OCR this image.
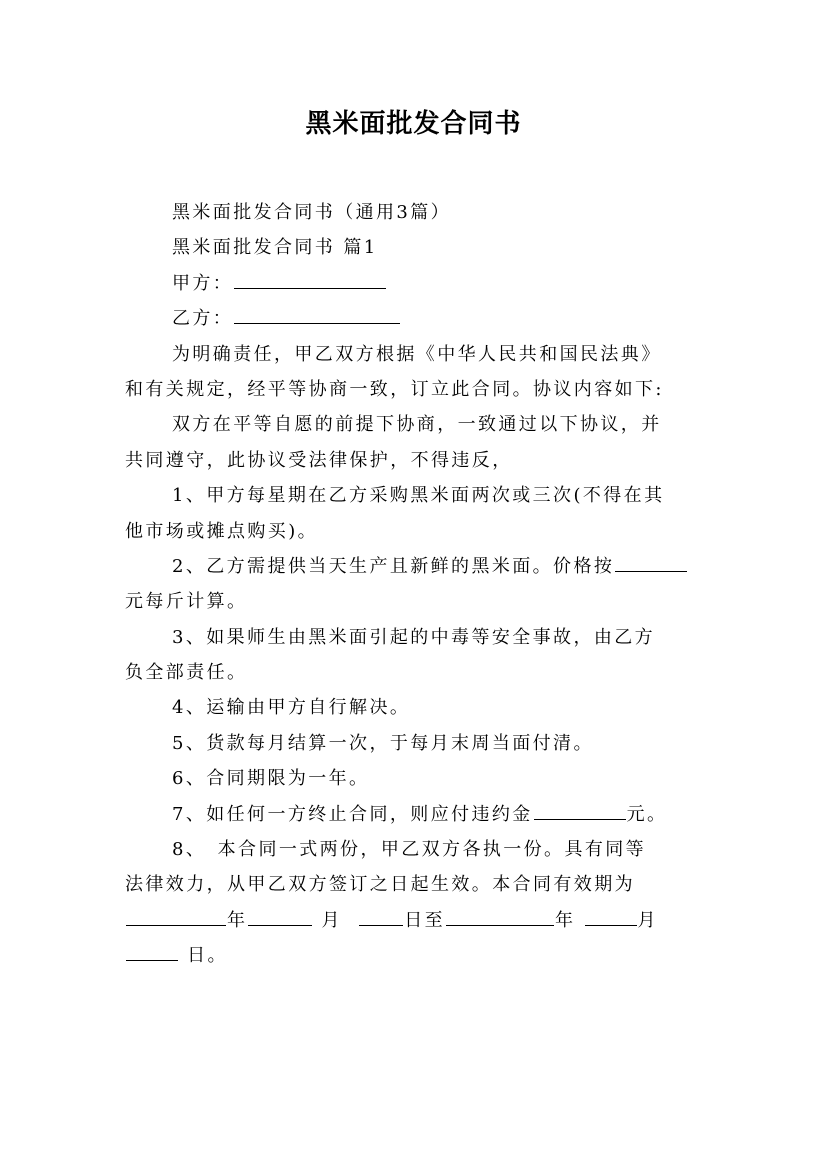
黑米面批发合同书
黑米面批发合同书（通用3篇）
黑米面批发合同书 篇1
甲方：
乙方：
为明确责任，甲乙双方根据《中华人民共和国民法典》
和有关规定，经平等协商一致，订立此合同。协议内容如下:
双方在平等自愿的前提下协商，一致通过以下协议，并
共同遵守，此协议受法律保护，不得违反，
1、甲方每星期在乙方采购黑米面两次或三次(不得在其
他市场或摊点购买)。
2、乙方需提供当天生产且新鲜的黑米面。价格按
元每斤计算。
3、如果师生由黑米面引起的中毒等安全事故，由乙方
负全部责任。
4、运输由甲方自行解决。
5、货款每月结算一次，于每月末周当面付清。
6、合同期限为一年。
7、如任何一方终止合同，则应付违约金	元。
8、　本合同一式两份，甲乙双方各执一份。具有同等
法律效力，从甲乙双方签订之日起生效。本合同有效期为
年	月	日至	年	月
日。
